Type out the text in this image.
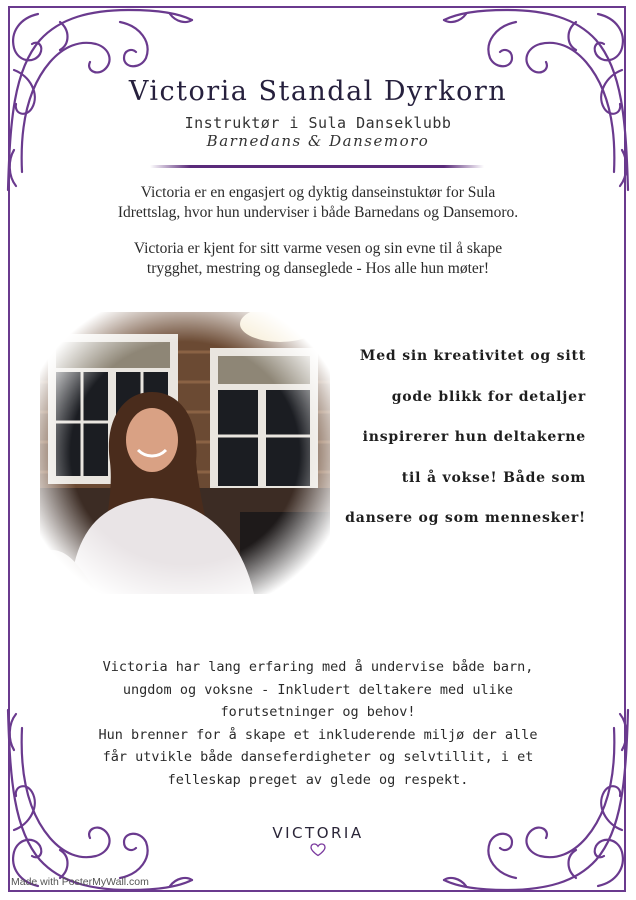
Victoria Standal Dyrkorn
Instruktør i Sula Danseklubb
Barnedans & Dansemoro

Victoria er en engasjert og dyktig danseinstuktør for Sula
Idrettslag, hvor hun underviser i både Barnedans og Dansemoro.

Victoria er kjent for sitt varme vesen og sin evne til å skape
trygghet, mestring og danseglede - Hos alle hun møter!

Med sin kreativitet og sitt
gode blikk for detaljer
inspirerer hun deltakerne
til å vokse! Både som
dansere og som mennesker!

Victoria har lang erfaring med å undervise både barn,
ungdom og voksne - Inkludert deltakere med ulike
forutsetninger og behov!
Hun brenner for å skape et inkluderende miljø der alle
får utvikle både danseferdigheter og selvtillit, i et
felleskap preget av glede og respekt.

VICTORIA
Made with PosterMyWall.com
